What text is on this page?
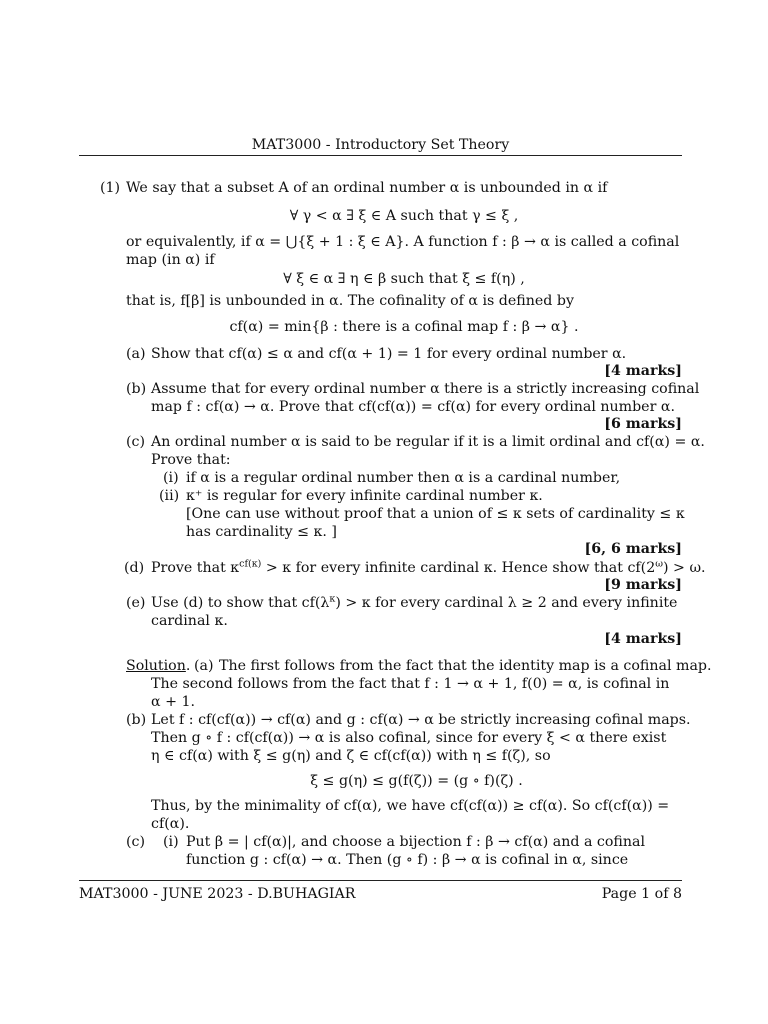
MAT3000 - Introductory Set Theory
(1) We say that a subset A of an ordinal number α is unbounded in α if
∀ γ < α ∃ ξ ∈ A such that γ ≤ ξ ,
or equivalently, if α = ⋃{ξ + 1 : ξ ∈ A}. A function f : β → α is called a cofinal
map (in α) if
∀ ξ ∈ α ∃ η ∈ β such that ξ ≤ f(η) ,
that is, f[β] is unbounded in α. The cofinality of α is defined by
cf(α) = min{β : there is a cofinal map f : β → α} .
(a) Show that cf(α) ≤ α and cf(α + 1) = 1 for every ordinal number α.
[4 marks]
(b) Assume that for every ordinal number α there is a strictly increasing cofinal
map f : cf(α) → α. Prove that cf(cf(α)) = cf(α) for every ordinal number α.
[6 marks]
(c) An ordinal number α is said to be regular if it is a limit ordinal and cf(α) = α.
Prove that:
(i) if α is a regular ordinal number then α is a cardinal number,
(ii) κ⁺ is regular for every infinite cardinal number κ.
[One can use without proof that a union of ≤ κ sets of cardinality ≤ κ
has cardinality ≤ κ. ]
[6, 6 marks]
(d) Prove that $\kappa^{cf(\kappa)} > \kappa$ for every infinite cardinal κ. Hence show that $cf(2^\omega) > \omega$.
[9 marks]
(e) Use (d) to show that $cf(\lambda^\kappa) > \kappa$ for every cardinal λ ≥ 2 and every infinite
cardinal κ.
[4 marks]
Solution. (a) The first follows from the fact that the identity map is a cofinal map.
The second follows from the fact that f : 1 → α + 1, f(0) = α, is cofinal in
α + 1.
(b) Let f : cf(cf(α)) → cf(α) and g : cf(α) → α be strictly increasing cofinal maps.
Then g ∘ f : cf(cf(α)) → α is also cofinal, since for every ξ < α there exist
η ∈ cf(α) with ξ ≤ g(η) and ζ ∈ cf(cf(α)) with η ≤ f(ζ), so
ξ ≤ g(η) ≤ g(f(ζ)) = (g ∘ f)(ζ) .
Thus, by the minimality of cf(α), we have cf(cf(α)) ≥ cf(α). So cf(cf(α)) =
cf(α).
(c) (i) Put β = | cf(α)|, and choose a bijection f : β → cf(α) and a cofinal
function g : cf(α) → α. Then (g ∘ f) : β → α is cofinal in α, since
MAT3000 - JUNE 2023 - D.BUHAGIAR	Page 1 of 8
